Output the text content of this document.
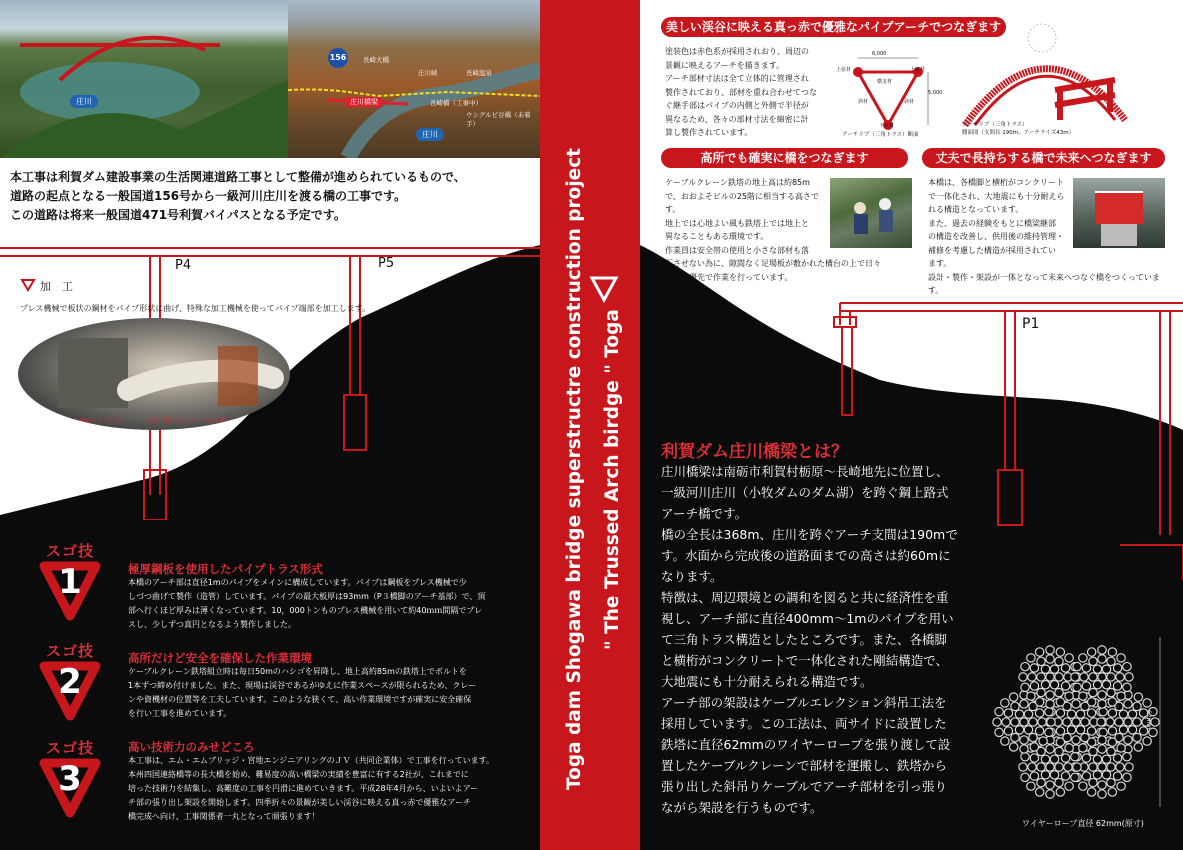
庄川
156	長崎大橋
庄川峡	長崎温泉
庄川橋梁	長崎橋（工事中）
ウシグルビ谷橋（未着手）
庄川
本工事は利賀ダム建設事業の生活関連道路工事として整備が進められているもので、
道路の起点となる一般国道156号から一級河川庄川を渡る橋の工事です。
この道路は将来一般国道471号利賀バイパスとなる予定です。
P4	P5
加　工
プレス機械で板状の鋼材をパイプ形状に曲げ、特殊な加工機械を使ってパイプ端部を加工します。
10,000トンプレス	大型自動３次元パイプ加工機
スゴ技
1	極厚鋼板を使用したパイプトラス形式
本橋のアーチ部は直径1mのパイプをメインに構成しています。パイプは鋼板をプレス機械で少
しづつ曲げて製作（造管）しています。パイプの最大板厚は93mm（P３橋脚のアーチ基部）で、頂
部へ行くほど厚みは薄くなっています。10，000トンものプレス機械を用いて約40ｍｍ間隔でプレ
スし、少しずつ真円となるよう製作しました。
スゴ技
2
高所だけど安全を確保した作業環境
ケーブルクレーン鉄塔組立時は毎日50mのハシゴを昇降し、地上高約85mの鉄塔上でボルトを
1本ずつ締め付けました。また、現場は渓谷であるがゆえに作業スペースが限られるため、クレー
ンや資機材の位置等を工夫しています。このような狭くて、高い作業環境ですが確実に安全確保
を行い工事を進めています。
スゴ技
3
高い技術力のみせどころ
本工事は、エム・エムブリッジ・宮地エンジニアリングのＪＶ（共同企業体）で工事を行っています。
本州四国連絡橋等の長大橋を始め、難易度の高い橋梁の実績を豊富に有する2社が、これまでに
培った技術力を結集し、高難度の工事を円滑に進めていきます。平成28年4月から、いよいよアー
チ部の張り出し架設を開始します。四季折々の景観が美しい渓谷に映える真っ赤で優雅なアーチ
橋完成へ向け、工事関係者一丸となって頑張ります！
Toga dam Shogawa bridge superstructre construction project " The Trussed Arch birdge " Toga	A1	P1
美しい渓谷に映える真っ赤で優雅なパイプアーチでつなぎます
塗装色は赤色系が採用されおり、周辺の
景観に映えるアーチを描きます。
アーチ部材寸法は全て立体的に管理され
製作されており、部材を重ね合わせてつな
ぐ継手部はパイプの内側と外側で半径が
異なるため、各々の部材寸法を綿密に計
算し製作されています。
6,000
5,000
上弦材	上弦材
横支材
斜材	斜材
下弦材
アーチリブ（三角トラス）断面
アーチリブ（三角トラス）
側面図（支間長 190m、アーチライズ43m）
高所でも確実に橋をつなぎます
ケーブルクレーン鉄塔の地上高は約85m
で、おおよそビルの25階に相当する高さで
す。
地上では心地よい風も鉄塔上では地上と
異なることもある環境です。
作業員は安全帯の使用と小さな部材も落
下させない為に、隙間なく足場板が敷かれた構台の上で日々
安全最優先で作業を行っています。
丈夫で長持ちする橋で未来へつなぎます
本橋は、各橋脚と横桁がコンクリート
で一体化され、大地震にも十分耐えら
れる構造となっています。
また、過去の経験をもとに橋梁継部
の構造を改善し、供用後の維持管理・
補修を考慮した構造が採用されてい
ます。
設計・製作・架設が一体となって未来へつなぐ橋をつくっています。
利賀ダム庄川橋梁とは？
庄川橋梁は南砺市利賀村栃原～長崎地先に位置し、
一級河川庄川（小牧ダムのダム湖）を跨ぐ鋼上路式
アーチ橋です。
橋の全長は368m、庄川を跨ぐアーチ支間は190mで
す。水面から完成後の道路面までの高さは約60mに
なります。
特徴は、周辺環境との調和を図ると共に経済性を重
視し、アーチ部に直径400mm～1mのパイプを用い
て三角トラス構造としたところです。また、各橋脚
と横桁がコンクリートで一体化された剛結構造で、
大地震にも十分耐えられる構造です。
アーチ部の架設はケーブルエレクション斜吊工法を
採用しています。この工法は、両サイドに設置した
鉄塔に直径62mmのワイヤーロープを張り渡して設
置したケーブルクレーンで部材を運搬し、鉄塔から
張り出した斜吊りケーブルでアーチ部材を引っ張り
ながら架設を行うものです。
62mm
ワイヤーロープ直径 62mm(原寸)
